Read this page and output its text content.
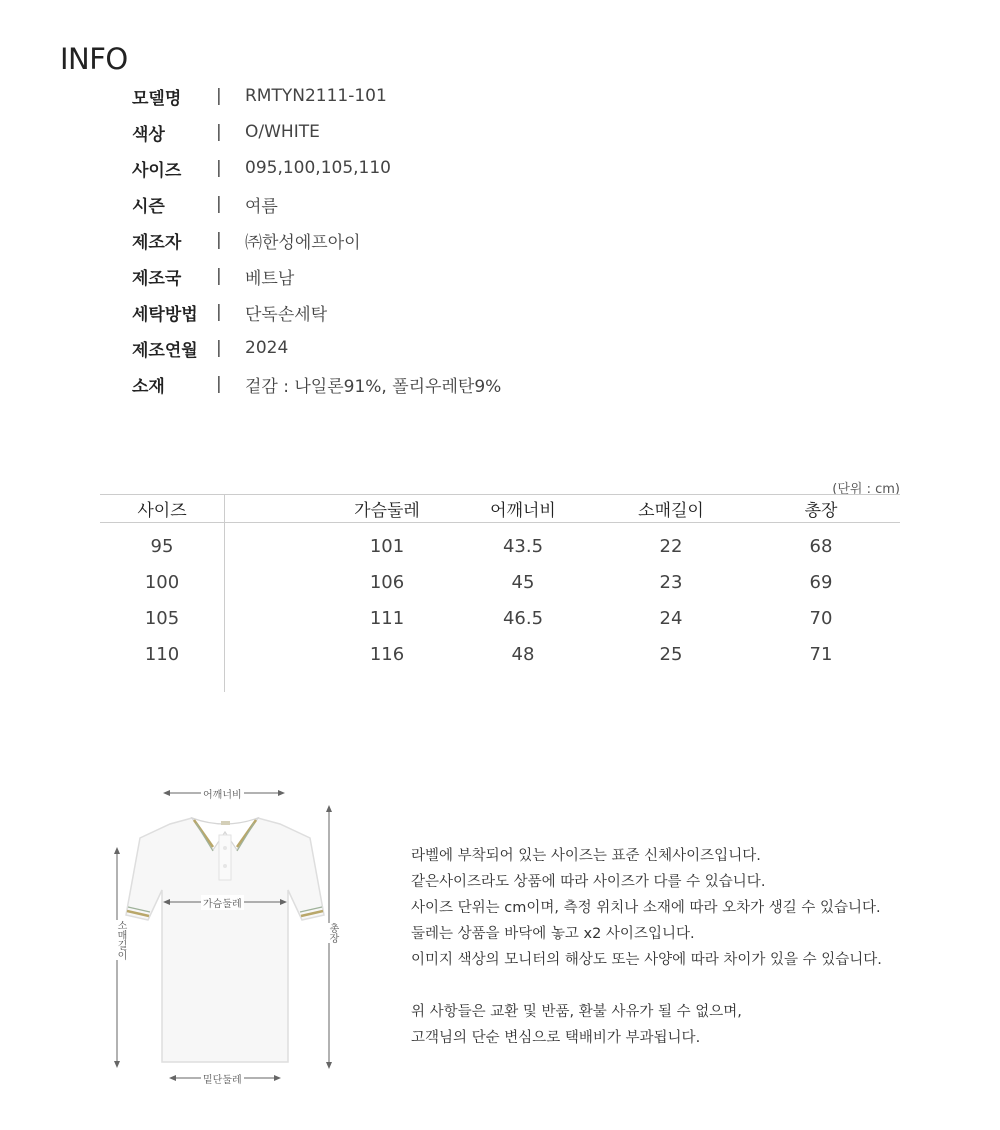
INFO
모델명	|	RMTYN2111-101
색상	|	O/WHITE
사이즈	|	095,100,105,110
시즌	|	여름
제조자	|	㈜한성에프아이
제조국	|	베트남
세탁방법	|	단독손세탁
제조연월	|	2024
소재	|	겉감 : 나일론91%, 폴리우레탄9%
(단위 : cm)
사이즈	가슴둘레	어깨너비	소매길이	총장
95	101	43.5	22	68
100	106	45	23	69
105	111	46.5	24	70
110	116	48	25	71
어깨너비
가슴둘레
밑단둘레
소매길이	총장

라벨에 부착되어 있는 사이즈는 표준 신체사이즈입니다.

같은사이즈라도 상품에 따라 사이즈가 다를 수 있습니다.

사이즈 단위는 cm이며, 측정 위치나 소재에 따라 오차가 생길 수 있습니다.

둘레는 상품을 바닥에 놓고 x2 사이즈입니다.

이미지 색상의 모니터의 해상도 또는 사양에 따라 차이가 있을 수 있습니다.

위 사항들은 교환 및 반품, 환불 사유가 될 수 없으며,

고객님의 단순 변심으로 택배비가 부과됩니다.
